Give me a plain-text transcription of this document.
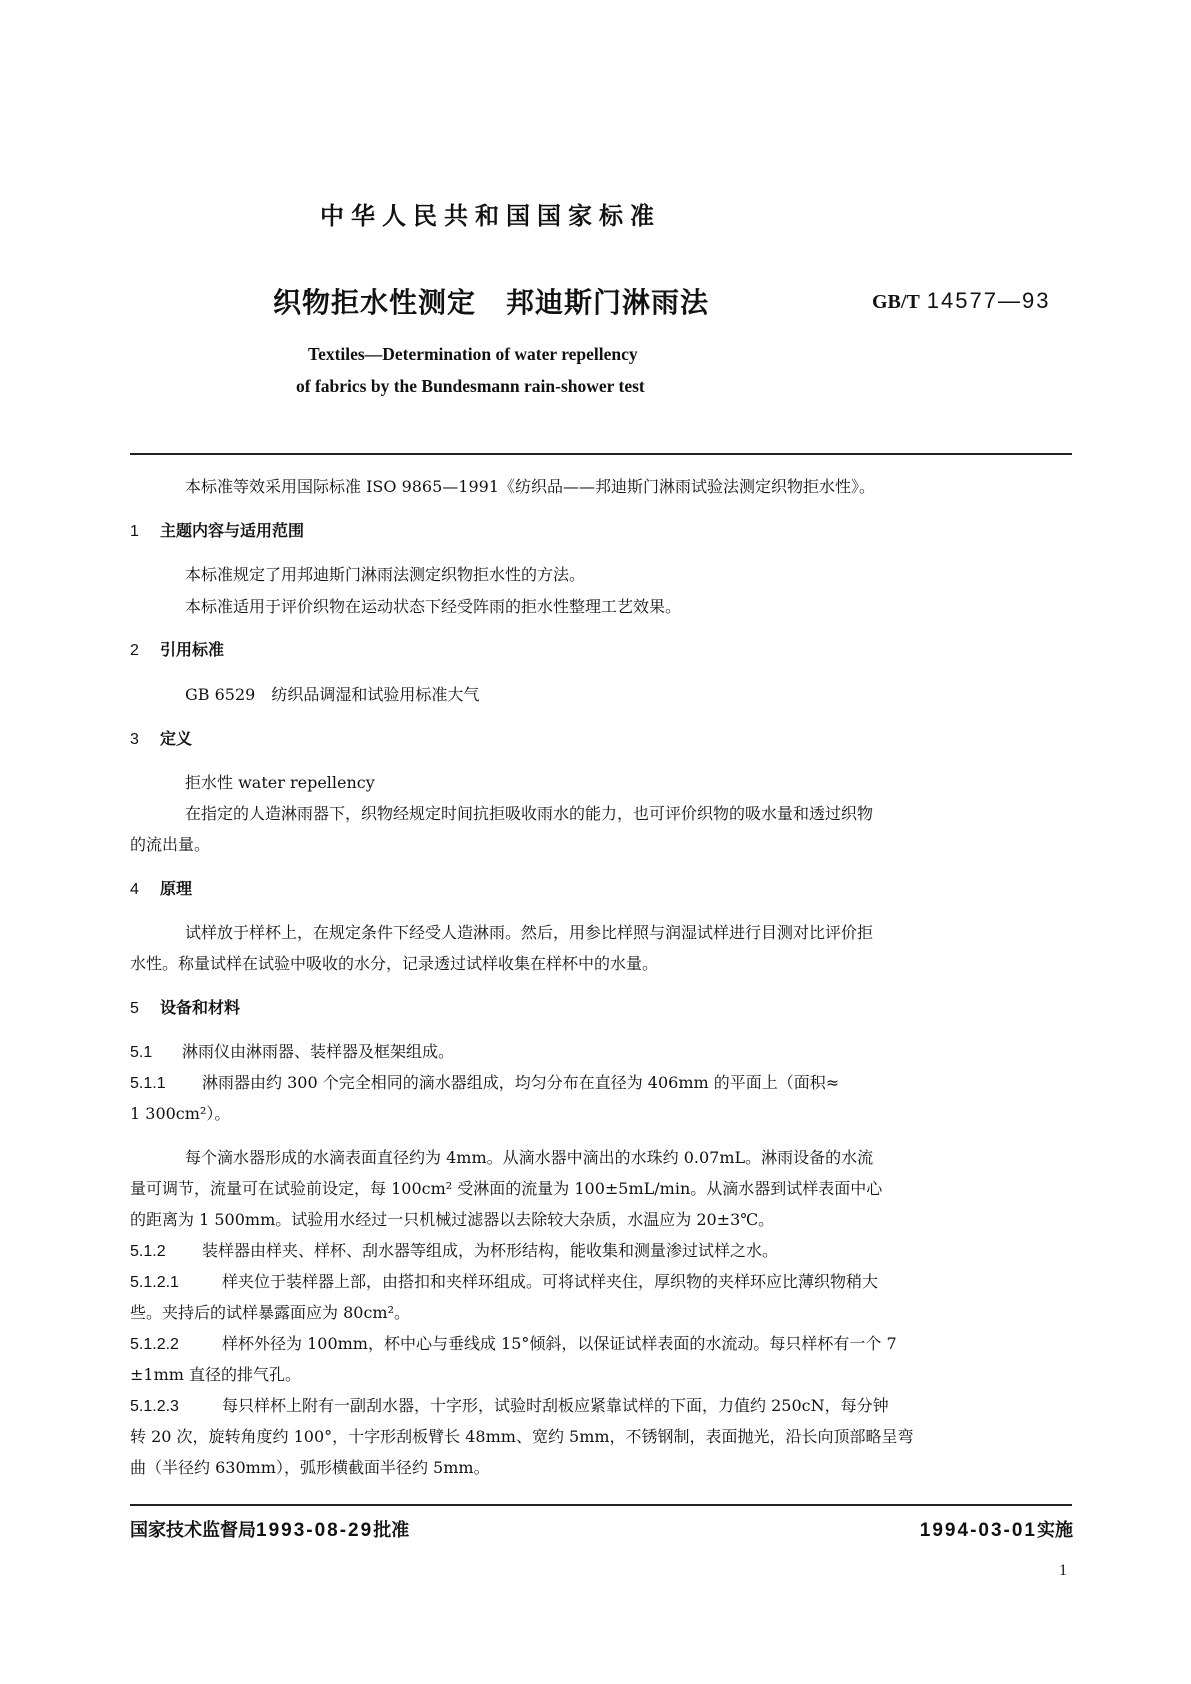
中华人民共和国国家标准
织物拒水性测定 邦迪斯门淋雨法	GB/T 14577—93
Textiles—Determination of water repellency
of fabrics by the Bundesmann rain-shower test
本标准等效采用国际标准 ISO 9865—1991《纺织品——邦迪斯门淋雨试验法测定织物拒水性》。
1 主题内容与适用范围
本标准规定了用邦迪斯门淋雨法测定织物拒水性的方法。
本标准适用于评价织物在运动状态下经受阵雨的拒水性整理工艺效果。
2 引用标准
GB 6529　纺织品调湿和试验用标准大气
3 定义
拒水性 water repellency
在指定的人造淋雨器下，织物经规定时间抗拒吸收雨水的能力，也可评价织物的吸水量和透过织物
的流出量。
4 原理
试样放于样杯上，在规定条件下经受人造淋雨。然后，用参比样照与润湿试样进行目测对比评价拒
水性。称量试样在试验中吸收的水分，记录透过试样收集在样杯中的水量。
5 设备和材料
5.1 淋雨仪由淋雨器、装样器及框架组成。
5.1.1 淋雨器由约 300 个完全相同的滴水器组成，均匀分布在直径为 406mm 的平面上（面积≈
1 300cm²）。
每个滴水器形成的水滴表面直径约为 4mm。从滴水器中滴出的水珠约 0.07mL。淋雨设备的水流
量可调节，流量可在试验前设定，每 100cm² 受淋面的流量为 100±5mL/min。从滴水器到试样表面中心
的距离为 1 500mm。试验用水经过一只机械过滤器以去除较大杂质，水温应为 20±3℃。
5.1.2 装样器由样夹、样杯、刮水器等组成，为杯形结构，能收集和测量渗过试样之水。
5.1.2.1	样夹位于装样器上部，由搭扣和夹样环组成。可将试样夹住，厚织物的夹样环应比薄织物稍大
些。夹持后的试样暴露面应为 80cm²。
5.1.2.2	样杯外径为 100mm，杯中心与垂线成 15°倾斜，以保证试样表面的水流动。每只样杯有一个 7
±1mm 直径的排气孔。
5.1.2.3	每只样杯上附有一副刮水器，十字形，试验时刮板应紧靠试样的下面，力值约 250cN，每分钟
转 20 次，旋转角度约 100°，十字形刮板臂长 48mm、宽约 5mm，不锈钢制，表面抛光，沿长向顶部略呈弯
曲（半径约 630mm），弧形横截面半径约 5mm。
国家技术监督局1993-08-29批准	1994-03-01实施
1
